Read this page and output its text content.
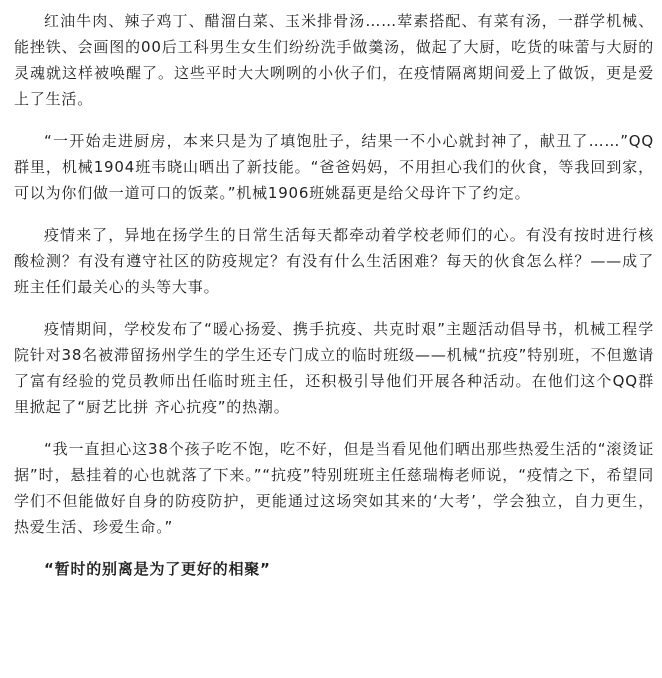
红油牛肉、辣子鸡丁、醋溜白菜、玉米排骨汤……荤素搭配、有菜有汤，一群学机械、能挫铁、会画图的00后工科男生女生们纷纷洗手做羹汤，做起了大厨，吃货的味蕾与大厨的灵魂就这样被唤醒了。这些平时大大咧咧的小伙子们，在疫情隔离期间爱上了做饭，更是爱上了生活。

“一开始走进厨房，本来只是为了填饱肚子，结果一不小心就封神了，献丑了……”QQ群里，机械1904班韦晓山晒出了新技能。“爸爸妈妈，不用担心我们的伙食，等我回到家，可以为你们做一道可口的饭菜。”机械1906班姚磊更是给父母许下了约定。

疫情来了，异地在扬学生的日常生活每天都牵动着学校老师们的心。有没有按时进行核酸检测？有没有遵守社区的防疫规定？有没有什么生活困难？每天的伙食怎么样？——成了班主任们最关心的头等大事。

疫情期间，学校发布了“暖心扬爱、携手抗疫、共克时艰”主题活动倡导书，机械工程学院针对38名被滞留扬州学生的学生还专门成立的临时班级——机械“抗疫”特别班，不但邀请了富有经验的党员教师出任临时班主任，还积极引导他们开展各种活动。在他们这个QQ群里掀起了“厨艺比拼 齐心抗疫”的热潮。

“我一直担心这38个孩子吃不饱，吃不好，但是当看见他们晒出那些热爱生活的“滚烫证据”时，悬挂着的心也就落了下来。”“抗疫”特别班班主任慈瑞梅老师说，“疫情之下，希望同学们不但能做好自身的防疫防护，更能通过这场突如其来的‘大考’，学会独立，自力更生，热爱生活、珍爱生命。”

“暂时的别离是为了更好的相聚”
